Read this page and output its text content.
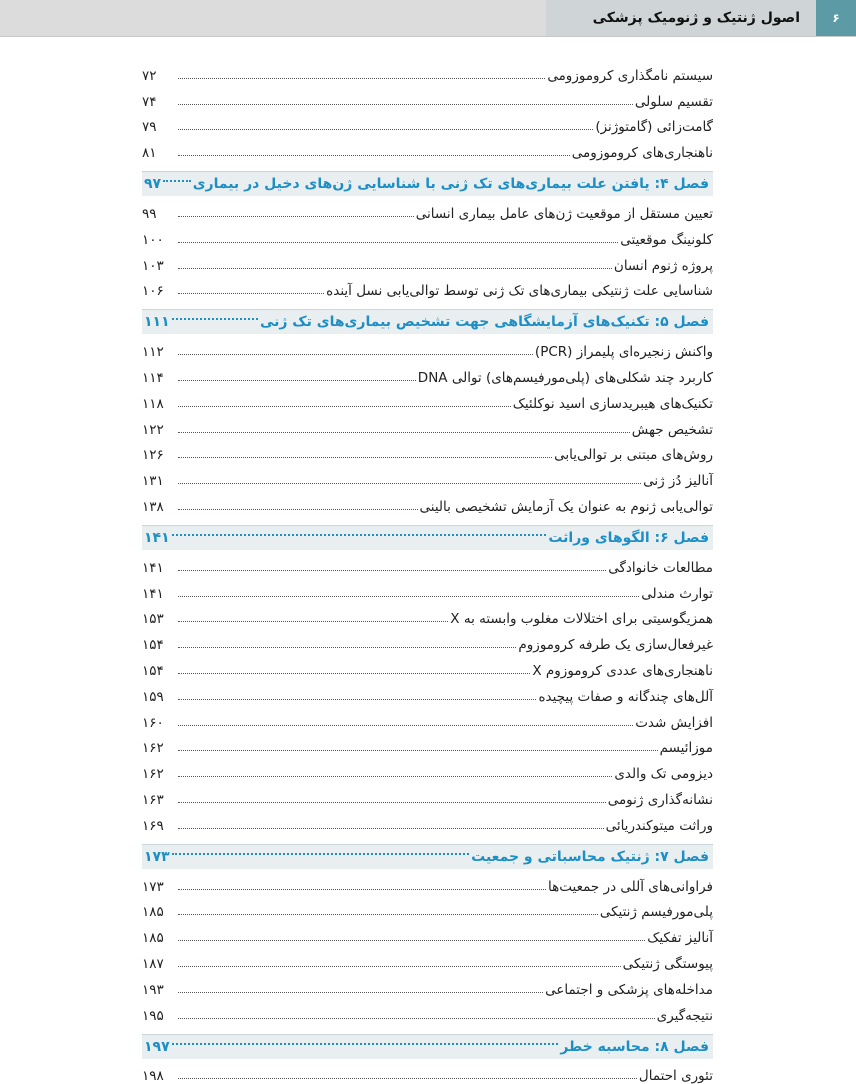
۶
اصول ژنتیک و ژنومیک پزشکی
سیستم نامگذاری کروموزومی
۷۲
تقسیم سلولی
۷۴
گامت‌زائی (گامتوژنز)
۷۹
ناهنجاری‌های کروموزومی
۸۱
فصل ۴: یافتن علت بیماری‌های تک ژنی با شناسایی ژن‌های دخیل در بیماری
۹۷
تعیین مستقل از موقعیت ژن‌های عامل بیماری انسانی
۹۹
کلونینگ موقعیتی
۱۰۰
پروژه ژنوم انسان
۱۰۳
شناسایی علت ژنتیکی بیماری‌های تک ژنی توسط توالی‌یابی نسل آینده
۱۰۶
فصل ۵: تکنیک‌های آزمایشگاهی جهت تشخیص بیماری‌های تک ژنی
۱۱۱
واکنش زنجیره‌ای پلیمراز (PCR)
۱۱۲
کاربرد چند شکلی‌های (پلی‌مورفیسم‌های) توالی DNA
۱۱۴
تکنیک‌های هیبریدسازی اسید نوکلئیک
۱۱۸
تشخیص جهش
۱۲۲
روش‌های مبتنی بر توالی‌یابی
۱۲۶
آنالیز دُز ژنی
۱۳۱
توالی‌یابی ژنوم به عنوان یک آزمایش تشخیصی بالینی
۱۳۸
فصل ۶: الگوهای وراثت
۱۴۱
مطالعات خانوادگی
۱۴۱
توارث مندلی
۱۴۱
همزیگوسیتی برای اختلالات مغلوب وابسته به X
۱۵۳
غیرفعال‌سازی یک طرفه کروموزوم
۱۵۴
ناهنجاری‌های عددی کروموزوم X
۱۵۴
آلل‌های چندگانه و صفات پیچیده
۱۵۹
افزایش شدت
۱۶۰
موزائیسم
۱۶۲
دیزومی تک والدی
۱۶۲
نشانه‌گذاری ژنومی
۱۶۳
وراثت میتوکندریائی
۱۶۹
فصل ۷: ژنتیک محاسباتی و جمعیت
۱۷۳
فراوانی‌های آللی در جمعیت‌ها
۱۷۳
پلی‌مورفیسم ژنتیکی
۱۸۵
آنالیز تفکیک
۱۸۵
پیوستگی ژنتیکی
۱۸۷
مداخله‌های پزشکی و اجتماعی
۱۹۳
نتیجه‌گیری
۱۹۵
فصل ۸: محاسبه خطر
۱۹۷
تئوری احتمال
۱۹۸
